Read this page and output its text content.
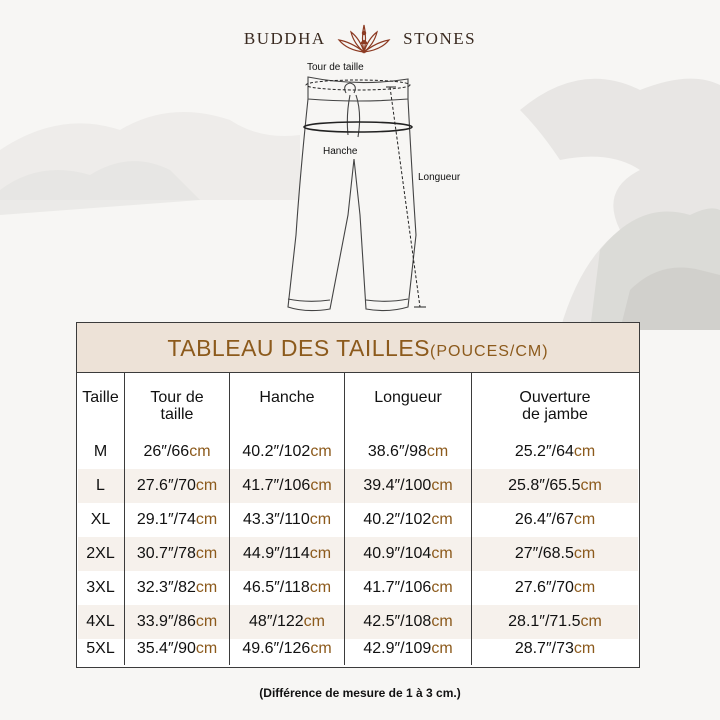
BUDDHA	STONES
Tour de taille
Hanche
Longueur
TABLEAU DES TAILLES(POUCES/CM)
Taille	Tour de
taille
Hanche	Longueur	Ouverture
de jambe
M	26″/66cm	40.2″/102cm	38.6″/98cm	25.2″/64cm
L	27.6″/70cm	41.7″/106cm	39.4″/100cm	25.8″/65.5cm
XL	29.1″/74cm	43.3″/110cm	40.2″/102cm	26.4″/67cm
2XL	30.7″/78cm	44.9″/114cm	40.9″/104cm	27″/68.5cm
3XL	32.3″/82cm	46.5″/118cm	41.7″/106cm	27.6″/70cm
4XL	33.9″/86cm	48″/122cm	42.5″/108cm	28.1″/71.5cm
5XL	35.4″/90cm	49.6″/126cm	42.9″/109cm	28.7″/73cm
(Différence de mesure de 1 à 3 cm.)
